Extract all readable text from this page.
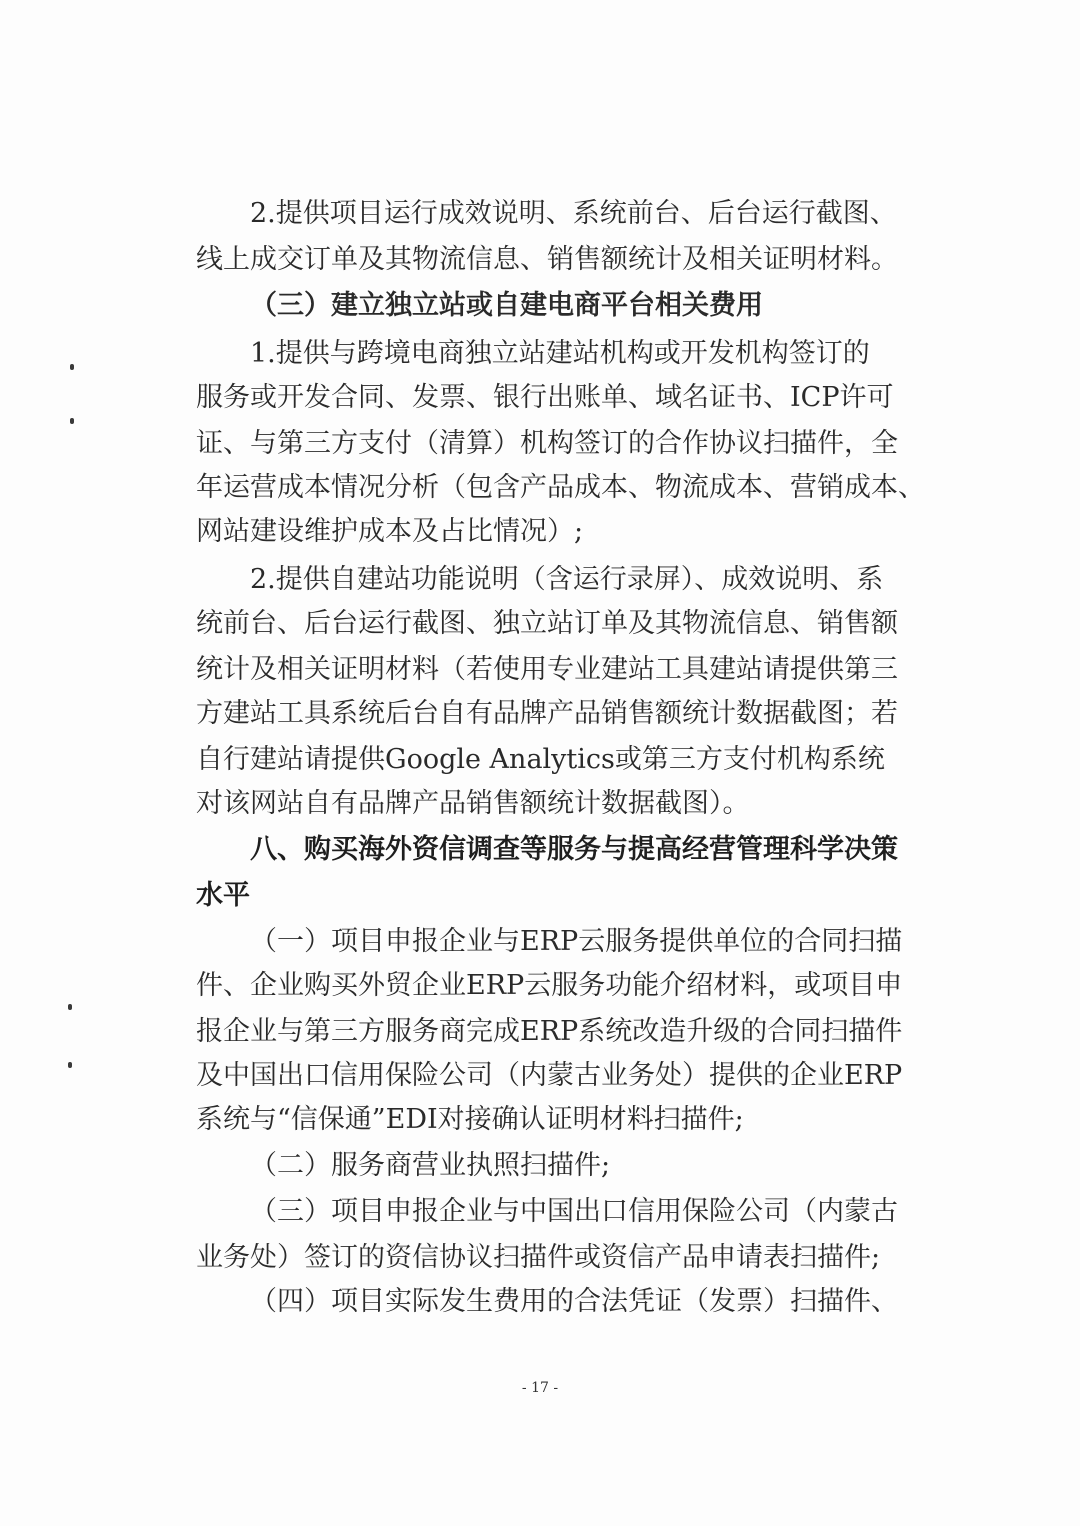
2.提供项目运行成效说明、系统前台、后台运行截图、
线上成交订单及其物流信息、销售额统计及相关证明材料。
（三）建立独立站或自建电商平台相关费用
1.提供与跨境电商独立站建站机构或开发机构签订的
服务或开发合同、发票、银行出账单、域名证书、ICP许可
证、与第三方支付（清算）机构签订的合作协议扫描件，全
年运营成本情况分析（包含产品成本、物流成本、营销成本、
网站建设维护成本及占比情况）;
2.提供自建站功能说明（含运行录屏）、成效说明、系
统前台、后台运行截图、独立站订单及其物流信息、销售额
统计及相关证明材料（若使用专业建站工具建站请提供第三
方建站工具系统后台自有品牌产品销售额统计数据截图；若
自行建站请提供Google Analytics或第三方支付机构系统
对该网站自有品牌产品销售额统计数据截图）。
八、购买海外资信调查等服务与提高经营管理科学决策
水平
（一）项目申报企业与ERP云服务提供单位的合同扫描
件、企业购买外贸企业ERP云服务功能介绍材料，或项目申
报企业与第三方服务商完成ERP系统改造升级的合同扫描件
及中国出口信用保险公司（内蒙古业务处）提供的企业ERP
系统与“信保通”EDI对接确认证明材料扫描件;
（二）服务商营业执照扫描件;
（三）项目申报企业与中国出口信用保险公司（内蒙古
业务处）签订的资信协议扫描件或资信产品申请表扫描件;
（四）项目实际发生费用的合法凭证（发票）扫描件、
- 17 -
